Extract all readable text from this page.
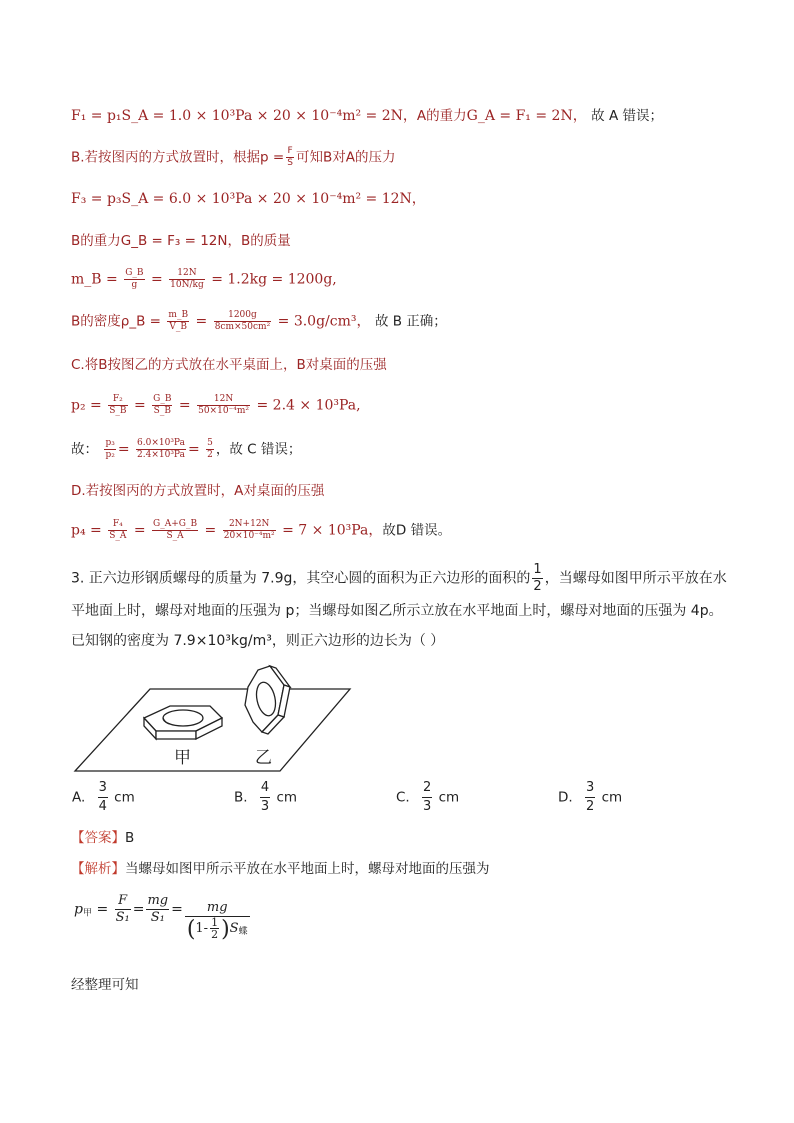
F₁ = p₁S_A = 1.0 × 10³Pa × 20 × 10⁻⁴m² = 2N，A的重力G_A = F₁ = 2N， 故 A 错误；
B.若按图丙的方式放置时，根据$p = \frac{F}{S}$ 可知B对A的压力
F₃ = p₃S_A = 6.0 × 10³Pa × 20 × 10⁻⁴m² = 12N，
B的重力G_B = F₃ = 12N，B的质量
m_B = $\frac{G\_B}{g} = \frac{12N}{10N/kg} = 1.2kg = 1200g$,
B的密度ρ_B = $\frac{m\_B}{V\_B} = \frac{1200g}{\text{8cm×50cm²}} = 3.0g/cm^3$， 故 B 正确；
C.将B按图乙的方式放在水平桌面上，B对桌面的压强
$p_2 = \frac{\text{F₂}}{S\_B} = \frac{G\_B}{S\_B} = \frac{12N}{\text{50×10⁻⁴m²}} = 2.4 \times 10^3Pa$,
故： $\frac{\text{p₃}}{\text{p₂}} = \frac{\text{6.0×10³Pa}}{\text{2.4×10³Pa}} = \frac{5}{2}$ ，故 C 错误；
D.若按图丙的方式放置时，A对桌面的压强
$p_4 = \frac{\text{F₄}}{S\_A} = \frac{G\_A+G\_B}{S\_A} = \frac{2N+12N}{\text{20×10⁻⁴m²}} = 7 \times 10^3Pa$，故D 错误。
3. 正六边形钢质螺母的质量为 7.9g，其空心圆的面积为正六边形的面积的 $\frac{1}{2}$ ，当螺母如图甲所示平放在水
平地面上时，螺母对地面的压强为 p；当螺母如图乙所示立放在水平地面上时，螺母对地面的压强为 4p。
已知钢的密度为 7.9×10³kg/m³，则正六边形的边长为（ ）
甲	乙
A. $\frac{3}{4}$ cm	B. $\frac{4}{3}$ cm	C. $\frac{2}{3}$ cm	D. $\frac{3}{2}$ cm
【答案】B
【解析】当螺母如图甲所示平放在水平地面上时，螺母对地面的压强为
$p_甲 = \frac{F}{\text{S₁}} = \frac{mg}{\text{S₁}} = \frac{mg}{(1- \frac{1}{2} )S_蝶}$
经整理可知
